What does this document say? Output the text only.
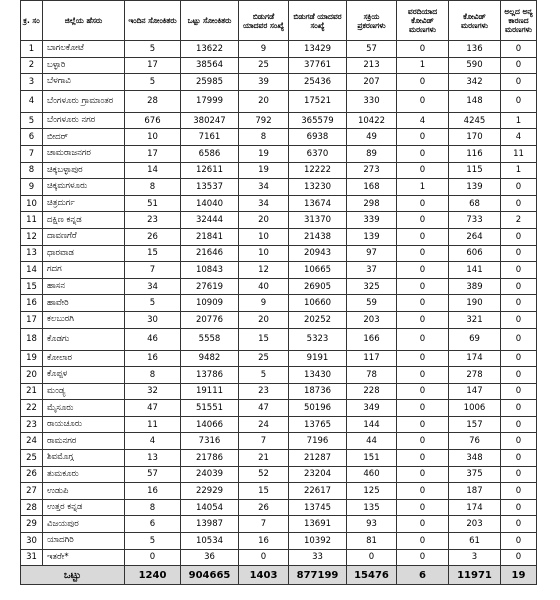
ಕ್ರ. ಸಂ	ಜಿಲ್ಲೆಯ ಹೆಸರು	ಇಂದಿನ ಸೋಂಕಿತರು	ಒಟ್ಟು ಸೋಂಕಿತರು	ಬಿಡುಗಡೆ ಯಾದವರ ಸಂಖ್ಯೆ	ಬಿಡುಗಡೆ ಯಾದವರ ಸಂಖ್ಯೆ	ಸಕ್ರಿಯ ಪ್ರಕರಣಗಳು	ವರದಿಯಾದ ಕೋವಿಡ್ ಮರಣಗಳು	ಕೋವಿಡ್ ಮರಣಗಳು	ಅಲ್ಲದ ಅನ್ಯ ಕಾರಣದ ಮರಣಗಳು
1	ಬಾಗಲಕೋಟೆ	5	13622	9	13429	57	0	136	0
2	ಬಳ್ಳಾರಿ	17	38564	25	37761	213	1	590	0
3	ಬೆಳಗಾವಿ	5	25985	39	25436	207	0	342	0
4	ಬೆಂಗಳೂರು ಗ್ರಾಮಾಂತರ	28	17999	20	17521	330	0	148	0
5	ಬೆಂಗಳೂರು ನಗರ	676	380247	792	365579	10422	4	4245	1
6	ಬೀದರ್	10	7161	8	6938	49	0	170	4
7	ಚಾಮರಾಜನಗರ	17	6586	19	6370	89	0	116	11
8	ಚಿಕ್ಕಬಳ್ಳಾಪುರ	14	12611	19	12222	273	0	115	1
9	ಚಿಕ್ಕಮಗಳೂರು	8	13537	34	13230	168	1	139	0
10	ಚಿತ್ರದುರ್ಗ	51	14040	34	13674	298	0	68	0
11	ದಕ್ಷಿಣ ಕನ್ನಡ	23	32444	20	31370	339	0	733	2
12	ದಾವಣಗೆರೆ	26	21841	10	21438	139	0	264	0
13	ಧಾರವಾಡ	15	21646	10	20943	97	0	606	0
14	ಗದಗ	7	10843	12	10665	37	0	141	0
15	ಹಾಸನ	34	27619	40	26905	325	0	389	0
16	ಹಾವೇರಿ	5	10909	9	10660	59	0	190	0
17	ಕಲಬುರಗಿ	30	20776	20	20252	203	0	321	0
18	ಕೊಡಗು	46	5558	15	5323	166	0	69	0
19	ಕೋಲಾರ	16	9482	25	9191	117	0	174	0
20	ಕೊಪ್ಪಳ	8	13786	5	13430	78	0	278	0
21	ಮಂಡ್ಯ	32	19111	23	18736	228	0	147	0
22	ಮೈಸೂರು	47	51551	47	50196	349	0	1006	0
23	ರಾಯಚೂರು	11	14066	24	13765	144	0	157	0
24	ರಾಮನಗರ	4	7316	7	7196	44	0	76	0
25	ಶಿವಮೊಗ್ಗ	13	21786	21	21287	151	0	348	0
26	ತುಮಕೂರು	57	24039	52	23204	460	0	375	0
27	ಉಡುಪಿ	16	22929	15	22617	125	0	187	0
28	ಉತ್ತರ ಕನ್ನಡ	8	14054	26	13745	135	0	174	0
29	ವಿಜಯಪುರ	6	13987	7	13691	93	0	203	0
30	ಯಾದಗಿರಿ	5	10534	16	10392	81	0	61	0
31	ಇತರೇ*	0	36	0	33	0	0	3	0
ಒಟ್ಟು		1240	904665	1403	877199	15476	6	11971	19
